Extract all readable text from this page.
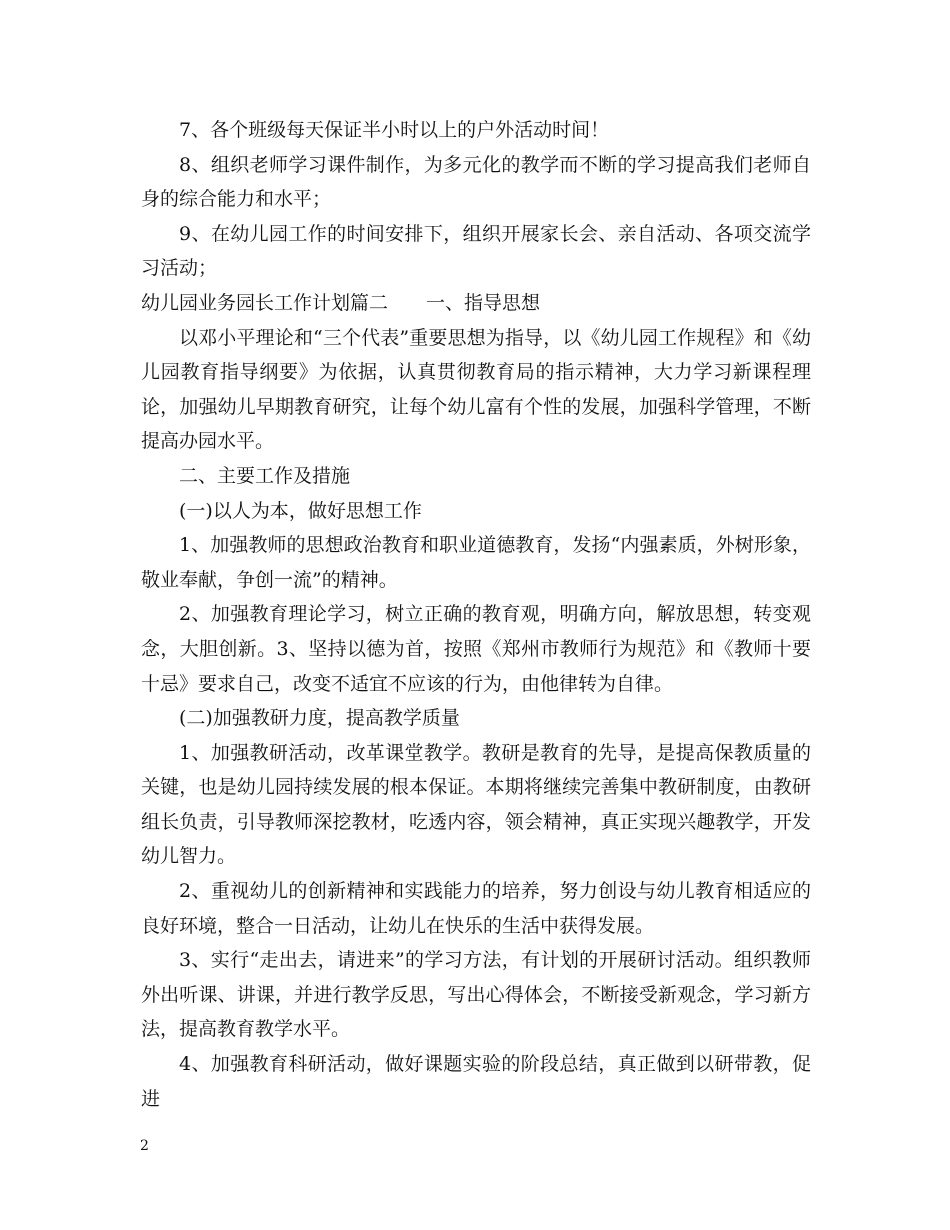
7、各个班级每天保证半小时以上的户外活动时间！

8、组织老师学习课件制作，为多元化的教学而不断的学习提高我们老师自身的综合能力和水平；

9、在幼儿园工作的时间安排下，组织开展家长会、亲自活动、各项交流学习活动；

幼儿园业务园长工作计划篇二　　一、指导思想

以邓小平理论和“三个代表”重要思想为指导，以《幼儿园工作规程》和《幼儿园教育指导纲要》为依据，认真贯彻教育局的指示精神，大力学习新课程理论，加强幼儿早期教育研究，让每个幼儿富有个性的发展，加强科学管理，不断提高办园水平。

二、主要工作及措施

(一)以人为本，做好思想工作

1、加强教师的思想政治教育和职业道德教育，发扬“内强素质，外树形象，敬业奉献，争创一流”的精神。

2、加强教育理论学习，树立正确的教育观，明确方向，解放思想，转变观念，大胆创新。3、坚持以德为首，按照《郑州市教师行为规范》和《教师十要十忌》要求自己，改变不适宜不应该的行为，由他律转为自律。

(二)加强教研力度，提高教学质量

1、加强教研活动，改革课堂教学。教研是教育的先导，是提高保教质量的关键，也是幼儿园持续发展的根本保证。本期将继续完善集中教研制度，由教研组长负责，引导教师深挖教材，吃透内容，领会精神，真正实现兴趣教学，开发幼儿智力。

2、重视幼儿的创新精神和实践能力的培养，努力创设与幼儿教育相适应的良好环境，整合一日活动，让幼儿在快乐的生活中获得发展。

3、实行“走出去，请进来”的学习方法，有计划的开展研讨活动。组织教师外出听课、讲课，并进行教学反思，写出心得体会，不断接受新观念，学习新方法，提高教育教学水平。

4、加强教育科研活动，做好课题实验的阶段总结，真正做到以研带教，促进

2
